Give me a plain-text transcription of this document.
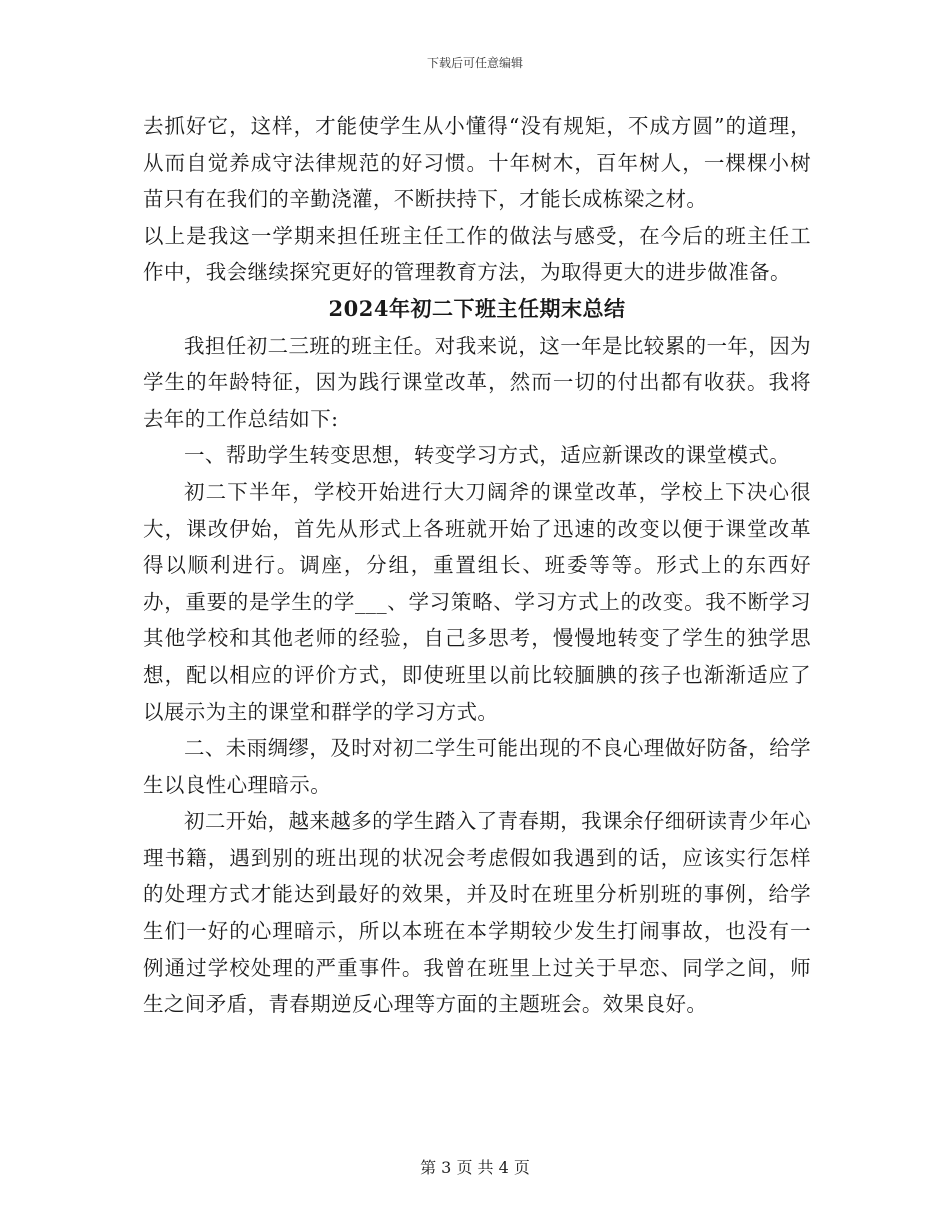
下载后可任意编辑

去抓好它，这样，才能使学生从小懂得“没有规矩，不成方圆”的道理，从而自觉养成守法律规范的好习惯。十年树木，百年树人，一棵棵小树苗只有在我们的辛勤浇灌，不断扶持下，才能长成栋梁之材。

以上是我这一学期来担任班主任工作的做法与感受，在今后的班主任工作中，我会继续探究更好的管理教育方法，为取得更大的进步做准备。

2024年初二下班主任期末总结

我担任初二三班的班主任。对我来说，这一年是比较累的一年，因为学生的年龄特征，因为践行课堂改革，然而一切的付出都有收获。我将去年的工作总结如下:

一、帮助学生转变思想，转变学习方式，适应新课改的课堂模式。

初二下半年，学校开始进行大刀阔斧的课堂改革，学校上下决心很大，课改伊始，首先从形式上各班就开始了迅速的改变以便于课堂改革得以顺利进行。调座，分组，重置组长、班委等等。形式上的东西好办，重要的是学生的学___、学习策略、学习方式上的改变。我不断学习其他学校和其他老师的经验，自己多思考，慢慢地转变了学生的独学思想，配以相应的评价方式，即使班里以前比较腼腆的孩子也渐渐适应了以展示为主的课堂和群学的学习方式。

二、未雨绸缪，及时对初二学生可能出现的不良心理做好防备，给学生以良性心理暗示。

初二开始，越来越多的学生踏入了青春期，我课余仔细研读青少年心理书籍，遇到别的班出现的状况会考虑假如我遇到的话，应该实行怎样的处理方式才能达到最好的效果，并及时在班里分析别班的事例，给学生们一好的心理暗示，所以本班在本学期较少发生打闹事故，也没有一例通过学校处理的严重事件。我曾在班里上过关于早恋、同学之间，师生之间矛盾，青春期逆反心理等方面的主题班会。效果良好。

第 3 页 共 4 页
